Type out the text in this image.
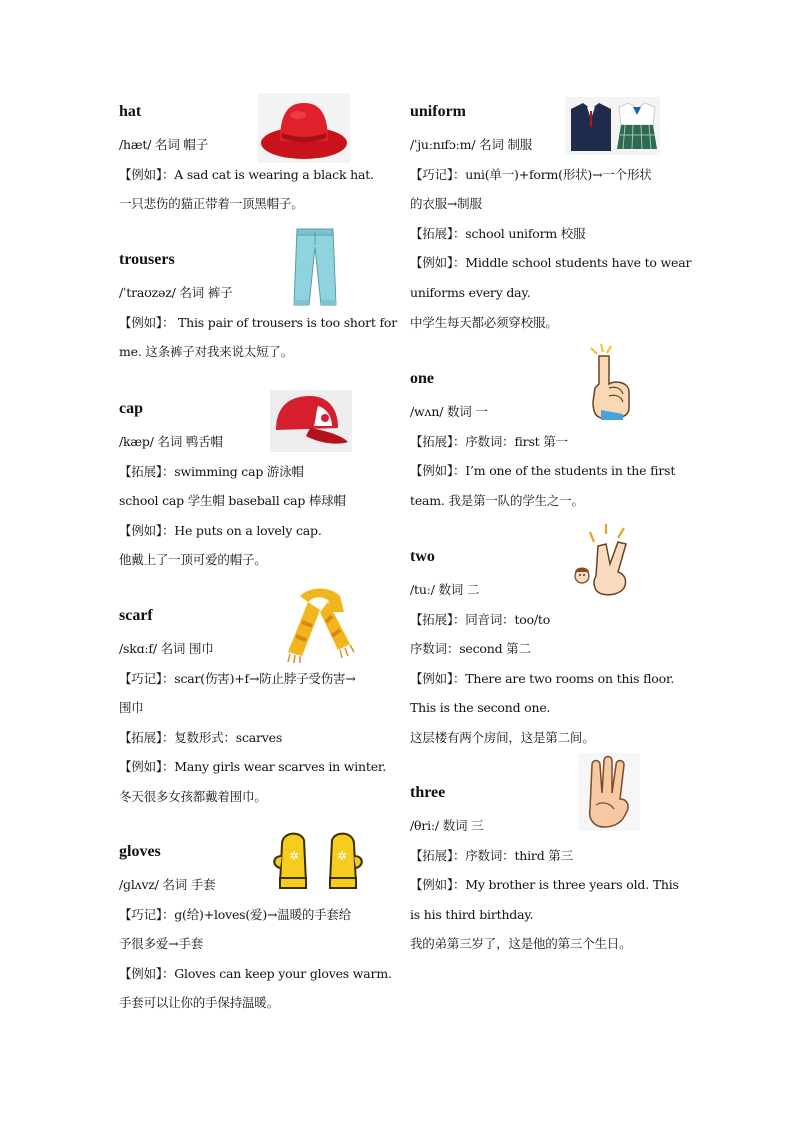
hat
/hæt/ 名词 帽子
【例如】：A sad cat is wearing a black hat.
一只悲伤的猫正带着一顶黑帽子。
trousers
/ˈtraʊzəz/ 名词 裤子
【例如】： This pair of trousers is too short for
me. 这条裤子对我来说太短了。
cap
/kæp/ 名词 鸭舌帽
【拓展】：swimming cap 游泳帽
school cap 学生帽 baseball cap 棒球帽
【例如】：He puts on a lovely cap.
他戴上了一顶可爱的帽子。
scarf
/skɑːf/ 名词 围巾
【巧记】：scar(伤害)+f→防止脖子受伤害→
围巾
【拓展】：复数形式：scarves
【例如】：Many girls wear scarves in winter.
冬天很多女孩都戴着围巾。
gloves
/ɡlʌvz/ 名词 手套
【巧记】：g(给)+loves(爱)→温暖的手套给
予很多爱→手套
【例如】：Gloves can keep your gloves warm.
手套可以让你的手保持温暖。
uniform
/ˈjuːnɪfɔːm/ 名词 制服
【巧记】：uni(单一)+form(形状)→一个形状
的衣服→制服
【拓展】：school uniform 校服
【例如】：Middle school students have to wear
uniforms every day.
中学生每天都必须穿校服。
one
/wʌn/ 数词 一
【拓展】：序数词：first 第一
【例如】：I’m one of the students in the first
team. 我是第一队的学生之一。
two
/tuː/ 数词 二
【拓展】：同音词：too/to
序数词：second 第二
【例如】：There are two rooms on this floor.
This is the second one.
这层楼有两个房间，这是第二间。
three
/θriː/ 数词 三
【拓展】：序数词：third 第三
【例如】：My brother is three years old. This
is his third birthday.
我的弟第三岁了，这是他的第三个生日。
✲	✲
